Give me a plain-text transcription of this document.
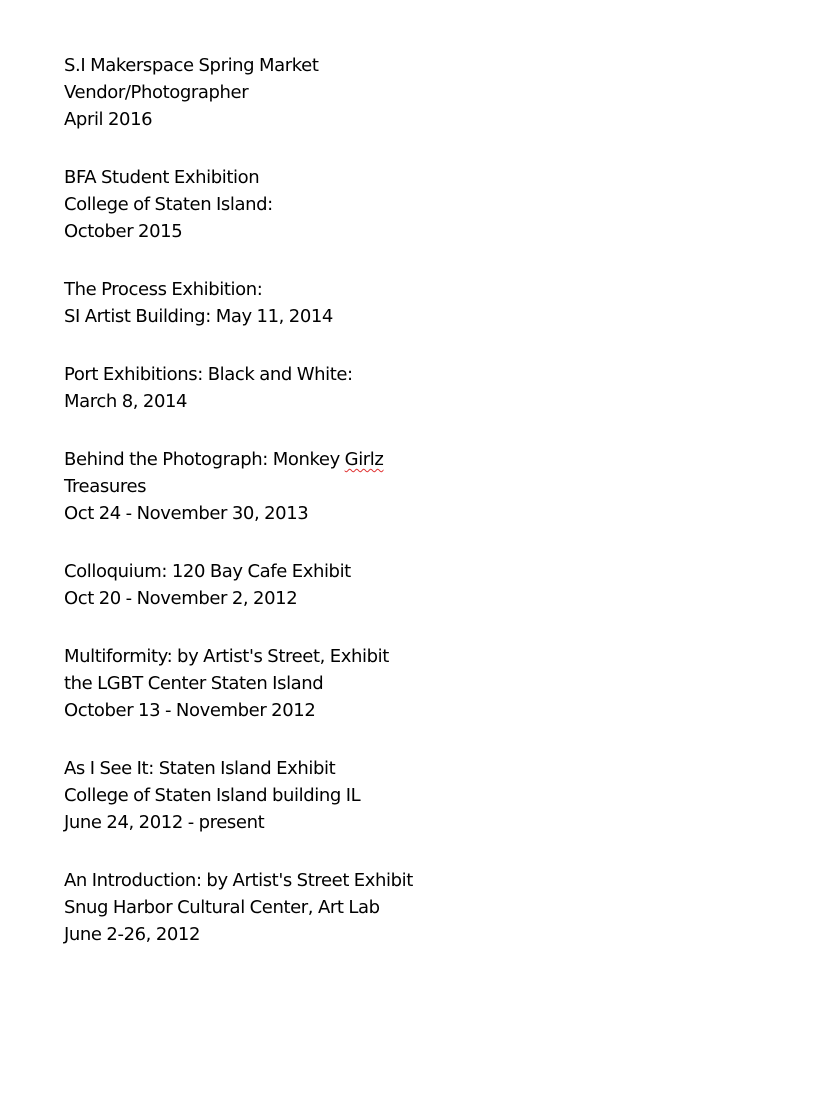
S.I Makerspace Spring Market
Vendor/Photographer
April 2016
BFA Student Exhibition
College of Staten Island:
October 2015
The Process Exhibition:
SI Artist Building: May 11, 2014
Port Exhibitions: Black and White:
March 8, 2014
Behind the Photograph: Monkey Girlz
Treasures
Oct 24 - November 30, 2013
Colloquium: 120 Bay Cafe Exhibit
Oct 20 - November 2, 2012
Multiformity: by Artist's Street, Exhibit
the LGBT Center Staten Island
October 13 - November 2012
As I See It: Staten Island Exhibit
College of Staten Island building IL
June 24, 2012 - present
An Introduction: by Artist's Street Exhibit
Snug Harbor Cultural Center, Art Lab
June 2-26, 2012
